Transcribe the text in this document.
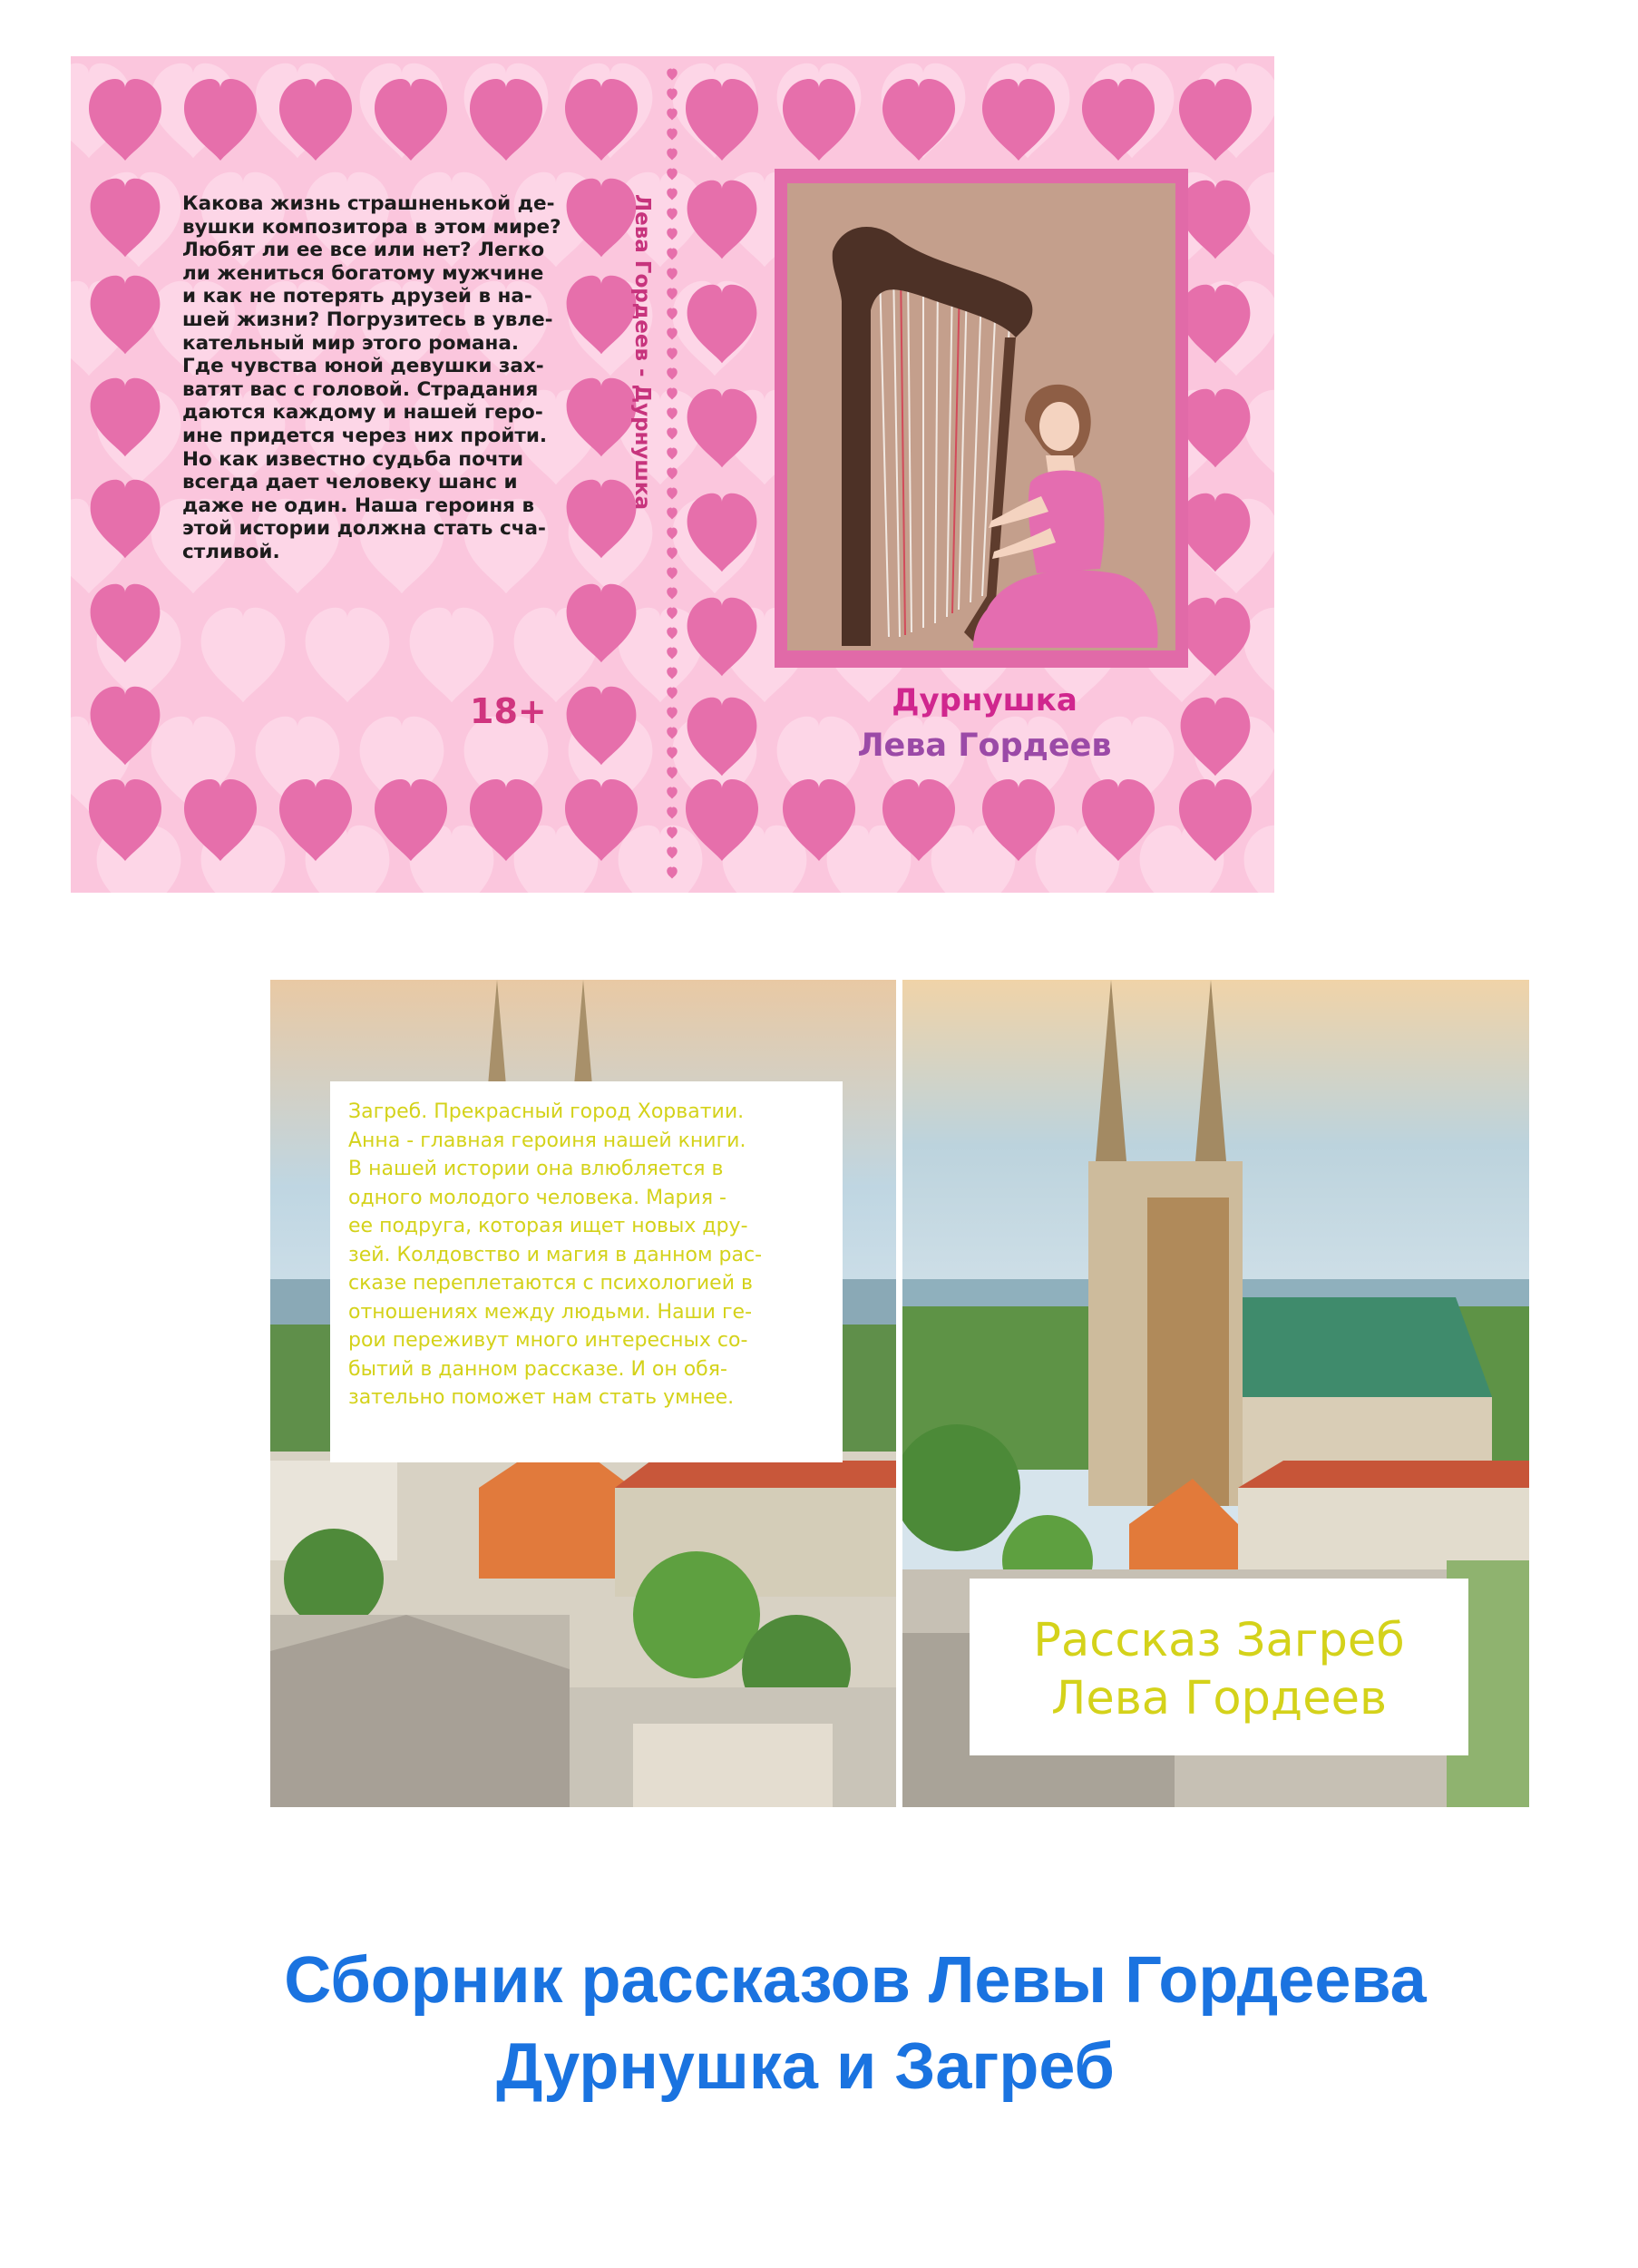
Какова жизнь страшненькой де-
вушки композитора в этом мире?
Любят ли ее все или нет? Легко
ли жениться богатому мужчине
и как не потерять друзей в на-
шей жизни? Погрузитесь в увле-
кательный мир этого романа.
Где чувства юной девушки зах-
ватят вас с головой. Страдания
даются каждому и нашей геро-
ине придется через них пройти.
Но как известно судьба почти
всегда дает человеку шанс и
даже не один. Наша героиня в
этой истории должна стать сча-
стливой.
18+
Лева Гордеев - Дурнушка
Дурнушка
Лева Гордеев
Загреб. Прекрасный город Хорватии.
Анна - главная героиня нашей книги.
В нашей истории она влюбляется в
одного молодого человека. Мария -
ее подруга, которая ищет новых дру-
зей. Колдовство и магия в данном рас-
сказе переплетаются с психологией в
отношениях между людьми. Наши ге-
рои переживут много интересных со-
бытий в данном рассказе. И он обя-
зательно поможет нам стать умнее.
Рассказ Загреб
Лева Гордеев
Сборник рассказов Левы Гордеева
Дурнушка и Загреб
